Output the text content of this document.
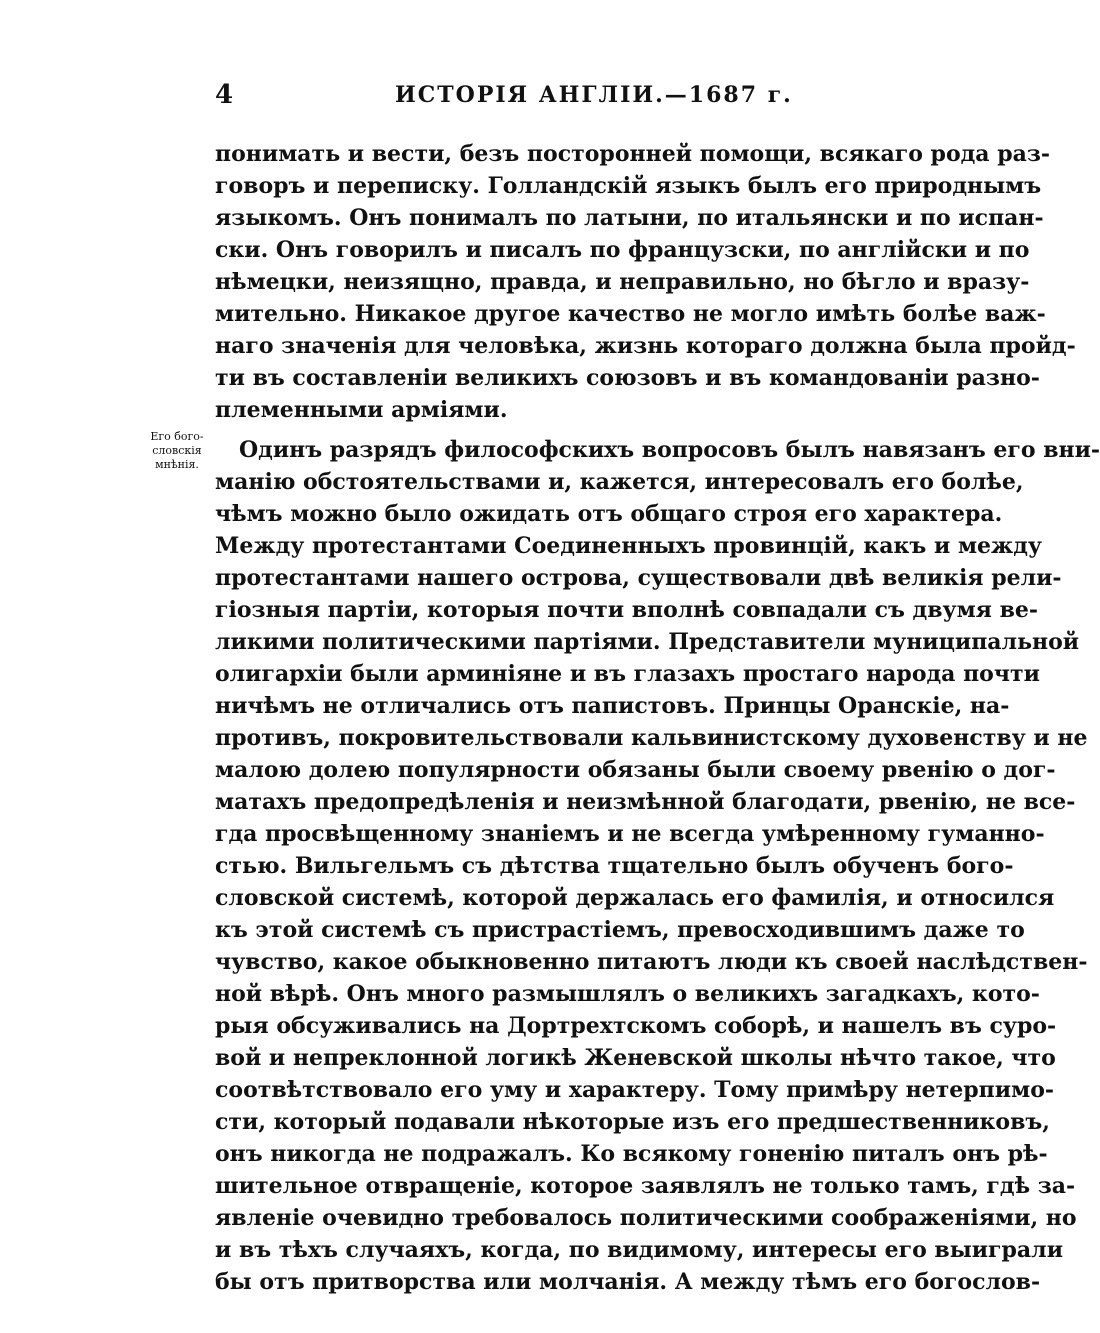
4	ИСТОРІЯ АНГЛІИ.—1687 г.
Его бого-
словскія
мнѣнія.
понимать и вести, безъ посторонней помощи, всякаго рода раз-
говоръ и переписку. Голландскій языкъ былъ его природнымъ
языкомъ. Онъ понималъ по латыни, по итальянски и по испан-
ски. Онъ говорилъ и писалъ по французски, по англійски и по
нѣмецки, неизящно, правда, и неправильно, но бѣгло и вразу-
мительно. Никакое другое качество не могло имѣть болѣе важ-
наго значенія для человѣка, жизнь котораго должна была пройд-
ти въ составленіи великихъ союзовъ и въ командованіи разно-
племенными арміями.
Одинъ разрядъ философскихъ вопросовъ былъ навязанъ его вни-
манію обстоятельствами и, кажется, интересовалъ его болѣе,
чѣмъ можно было ожидать отъ общаго строя его характера.
Между протестантами Соединенныхъ провинцій, какъ и между
протестантами нашего острова, существовали двѣ великія рели-
гіозныя партіи, которыя почти вполнѣ совпадали съ двумя ве-
ликими политическими партіями. Представители муниципальной
олигархіи были арминіяне и въ глазахъ простаго народа почти
ничѣмъ не отличались отъ папистовъ. Принцы Оранскіе, на-
противъ, покровительствовали кальвинистскому духовенству и не
малою долею популярности обязаны были своему рвенію о дог-
матахъ предопредѣленія и неизмѣнной благодати, рвенію, не все-
гда просвѣщенному знаніемъ и не всегда умѣренному гуманно-
стью. Вильгельмъ съ дѣтства тщательно былъ обученъ бого-
словской системѣ, которой держалась его фамилія, и относился
къ этой системѣ съ пристрастіемъ, превосходившимъ даже то
чувство, какое обыкновенно питаютъ люди къ своей наслѣдствен-
ной вѣрѣ. Онъ много размышлялъ о великихъ загадкахъ, кото-
рыя обсуживались на Дортрехтскомъ соборѣ, и нашелъ въ суро-
вой и непреклонной логикѣ Женевской школы нѣчто такое, что
соотвѣтствовало его уму и характеру. Тому примѣру нетерпимо-
сти, который подавали нѣкоторые изъ его предшественниковъ,
онъ никогда не подражалъ. Ко всякому гоненію питалъ онъ рѣ-
шительное отвращеніе, которое заявлялъ не только тамъ, гдѣ за-
явленіе очевидно требовалось политическими соображеніями, но
и въ тѣхъ случаяхъ, когда, по видимому, интересы его выиграли
бы отъ притворства или молчанія. А между тѣмъ его богослов-
